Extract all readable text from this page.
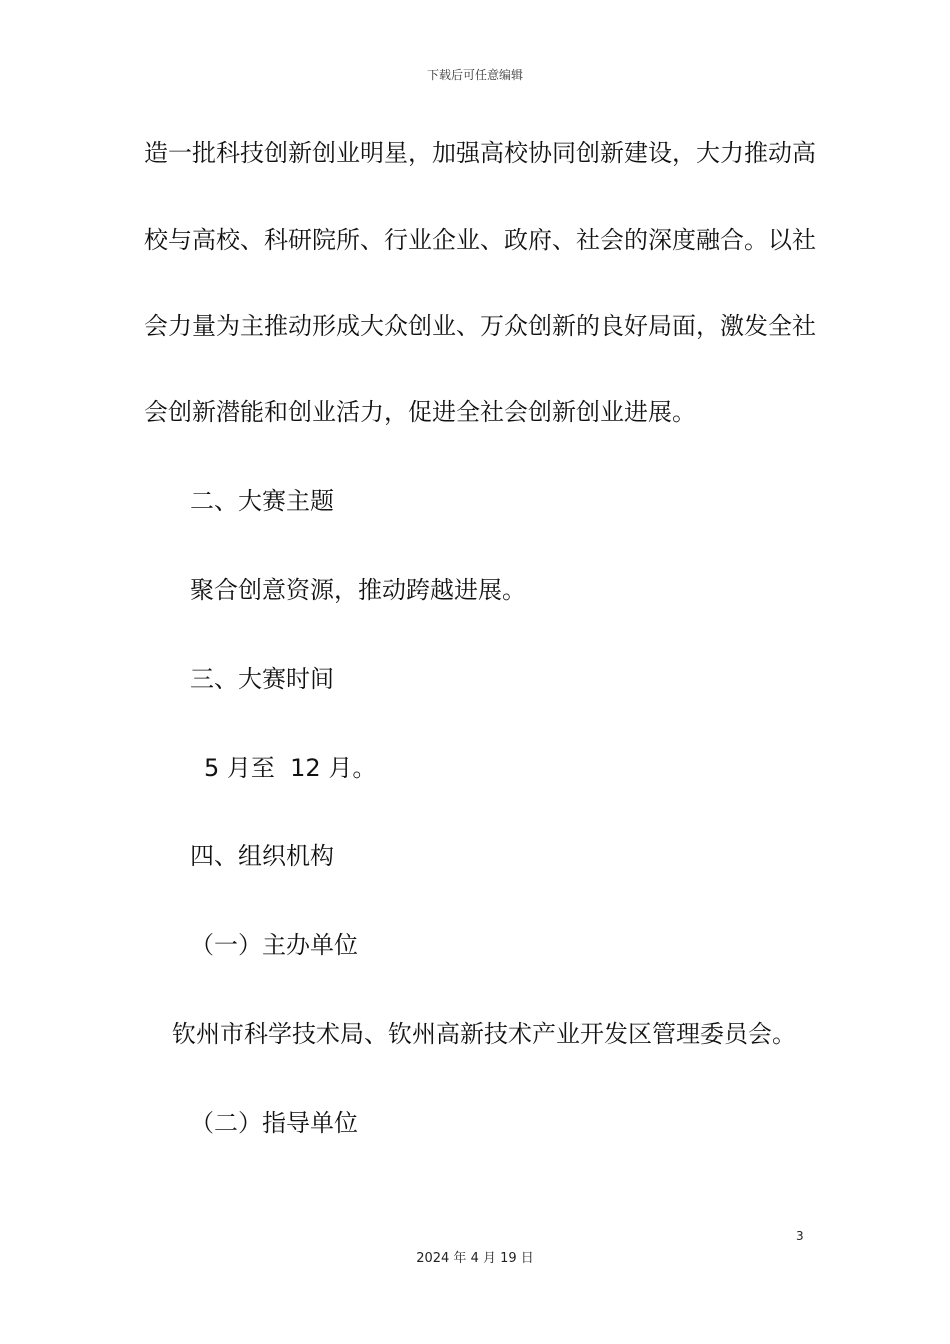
下载后可任意编辑
造一批科技创新创业明星，加强高校协同创新建设，大力推动高
校与高校、科研院所、行业企业、政府、社会的深度融合。以社
会力量为主推动形成大众创业、万众创新的良好局面，激发全社
会创新潜能和创业活力，促进全社会创新创业进展。
二、大赛主题
聚合创意资源，推动跨越进展。
三、大赛时间
5 月至  12 月。
四、组织机构
（一）主办单位
钦州市科学技术局、钦州高新技术产业开发区管理委员会。
（二）指导单位
3
2024 年 4 月 19 日
